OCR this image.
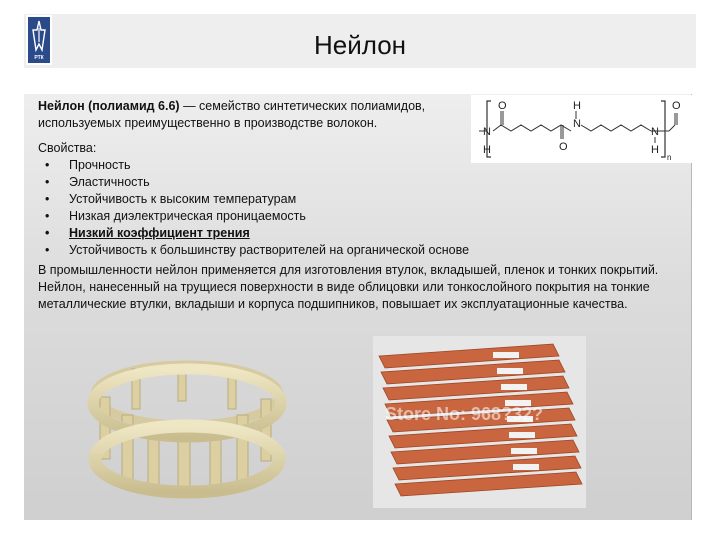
РТК	Нейлон
Нейлон (полиамид 6.6) — семейство синтетических полиамидов,
используемых преимущественно в производстве волокон.
O	H
N
O
O
N
H
N
H
n
Свойства:
• Прочность
• Эластичность
• Устойчивость к высоким температурам
• Низкая диэлектрическая проницаемость
• Низкий коэффициент трения
• Устойчивость к большинству растворителей на органической основе
В промышленности нейлон применяется для изготовления втулок, вкладышей, пленок и тонких покрытий. Нейлон, нанесенный на трущиеся поверхности в виде облицовки или тонкослойного покрытия на тонкие металлические втулки, вкладыши и корпуса подшипников, повышает их эксплуатационные качества.
Store No: 968?32?
